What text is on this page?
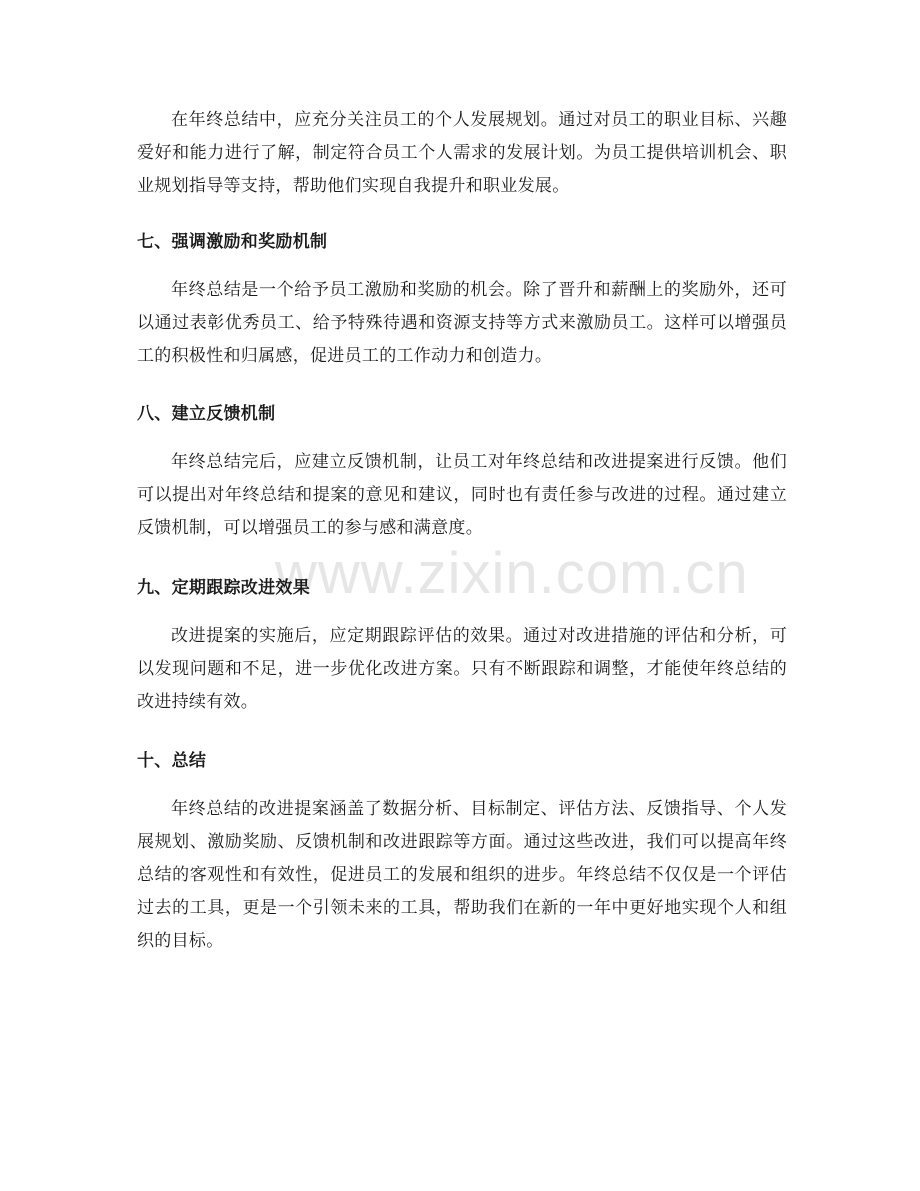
www.zixin.com.cn

在年终总结中，应充分关注员工的个人发展规划。通过对员工的职业目标、兴趣爱好和能力进行了解，制定符合员工个人需求的发展计划。为员工提供培训机会、职业规划指导等支持，帮助他们实现自我提升和职业发展。

七、强调激励和奖励机制

年终总结是一个给予员工激励和奖励的机会。除了晋升和薪酬上的奖励外，还可以通过表彰优秀员工、给予特殊待遇和资源支持等方式来激励员工。这样可以增强员工的积极性和归属感，促进员工的工作动力和创造力。

八、建立反馈机制

年终总结完后，应建立反馈机制，让员工对年终总结和改进提案进行反馈。他们可以提出对年终总结和提案的意见和建议，同时也有责任参与改进的过程。通过建立反馈机制，可以增强员工的参与感和满意度。

九、定期跟踪改进效果

改进提案的实施后，应定期跟踪评估的效果。通过对改进措施的评估和分析，可以发现问题和不足，进一步优化改进方案。只有不断跟踪和调整，才能使年终总结的改进持续有效。

十、总结

年终总结的改进提案涵盖了数据分析、目标制定、评估方法、反馈指导、个人发展规划、激励奖励、反馈机制和改进跟踪等方面。通过这些改进，我们可以提高年终总结的客观性和有效性，促进员工的发展和组织的进步。年终总结不仅仅是一个评估过去的工具，更是一个引领未来的工具，帮助我们在新的一年中更好地实现个人和组织的目标。
